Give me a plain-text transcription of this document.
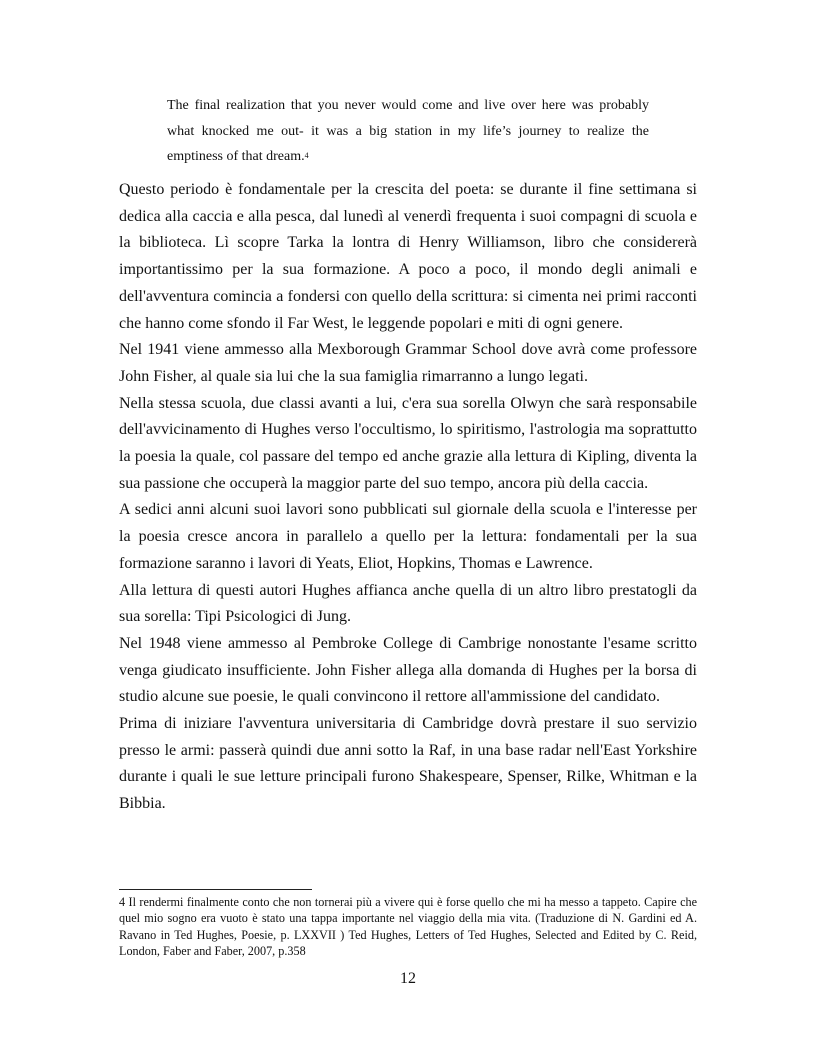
The final realization that you never would come and live over here was probably what knocked me out- it was a big station in my life’s journey to realize the emptiness of that dream.$^4$

Questo periodo è fondamentale per la crescita del poeta: se durante il fine settimana si dedica alla caccia e alla pesca, dal lunedì al venerdì frequenta i suoi compagni di scuola e la biblioteca. Lì scopre Tarka la lontra di Henry Williamson, libro che considererà importantissimo per la sua formazione. A poco a poco, il mondo degli animali e dell'avventura comincia a fondersi con quello della scrittura: si cimenta nei primi racconti che hanno come sfondo il Far West, le leggende popolari e miti di ogni genere.

Nel 1941 viene ammesso alla Mexborough Grammar School dove avrà come professore John Fisher, al quale sia lui che la sua famiglia rimarranno a lungo legati.

Nella stessa scuola, due classi avanti a lui, c'era sua sorella Olwyn che sarà responsabile dell'avvicinamento di Hughes verso l'occultismo, lo spiritismo, l'astrologia ma soprattutto la poesia la quale, col passare del tempo ed anche grazie alla lettura di Kipling, diventa la sua passione che occuperà la maggior parte del suo tempo, ancora più della caccia.

A sedici anni alcuni suoi lavori sono pubblicati sul giornale della scuola e l'interesse per la poesia cresce ancora in parallelo a quello per la lettura: fondamentali per la sua formazione saranno i lavori di Yeats, Eliot, Hopkins, Thomas e Lawrence.

Alla lettura di questi autori Hughes affianca anche quella di un altro libro prestatogli da sua sorella: Tipi Psicologici di Jung.

Nel 1948 viene ammesso al Pembroke College di Cambrige nonostante l'esame scritto venga giudicato insufficiente. John Fisher allega alla domanda di Hughes per la borsa di studio alcune sue poesie, le quali convincono il rettore all'ammissione del candidato.

Prima di iniziare l'avventura universitaria di Cambridge dovrà prestare il suo servizio presso le armi: passerà quindi due anni sotto la Raf, in una base radar nell'East Yorkshire durante i quali le sue letture principali furono Shakespeare, Spenser, Rilke, Whitman e la Bibbia.

4 Il rendermi finalmente conto che non tornerai più a vivere qui è forse quello che mi ha messo a tappeto. Capire che quel mio sogno era vuoto è stato una tappa importante nel viaggio della mia vita. (Traduzione di N. Gardini ed A. Ravano in Ted Hughes, Poesie, p. LXXVII ) Ted Hughes, Letters of Ted Hughes, Selected and Edited by C. Reid, London, Faber and Faber, 2007, p.358
12
